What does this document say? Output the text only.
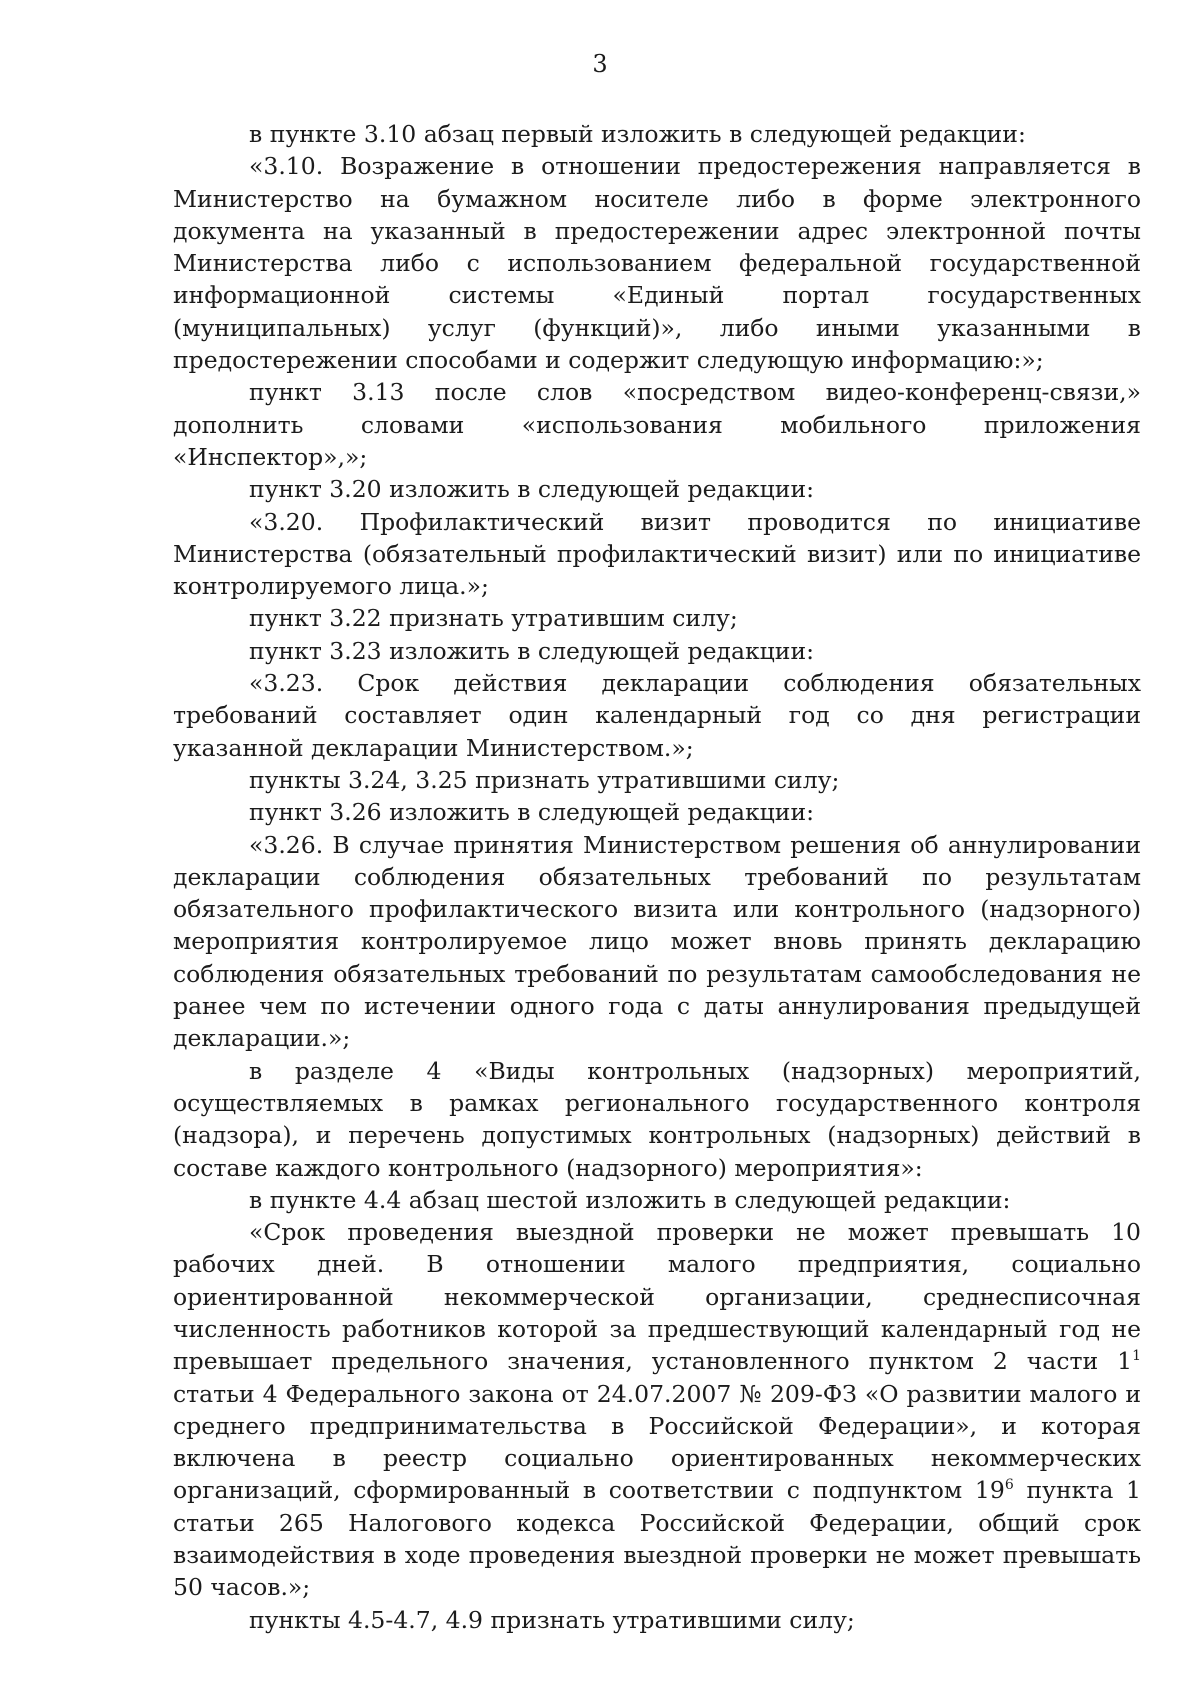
3

в пункте 3.10 абзац первый изложить в следующей редакции:

«3.10. Возражение в отношении предостережения направляется в Министерство на бумажном носителе либо в форме электронного документа на указанный в предостережении адрес электронной почты Министерства либо с использованием федеральной государственной информационной системы «Единый портал государственных (муниципальных) услуг (функций)», либо иными указанными в предостережении способами и содержит следующую информацию:»;

пункт 3.13 после слов «посредством видео-конференц-связи,» дополнить словами «использования мобильного приложения «Инспектор»,»;

пункт 3.20 изложить в следующей редакции:

«3.20. Профилактический визит проводится по инициативе Министерства (обязательный профилактический визит) или по инициативе контролируемого лица.»;

пункт 3.22 признать утратившим силу;

пункт 3.23 изложить в следующей редакции:

«3.23. Срок действия декларации соблюдения обязательных требований составляет один календарный год со дня регистрации указанной декларации Министерством.»;

пункты 3.24, 3.25 признать утратившими силу;

пункт 3.26 изложить в следующей редакции:

«3.26. В случае принятия Министерством решения об аннулировании декларации соблюдения обязательных требований по результатам обязательного профилактического визита или контрольного (надзорного) мероприятия контролируемое лицо может вновь принять декларацию соблюдения обязательных требований по результатам самообследования не ранее чем по истечении одного года с даты аннулирования предыдущей декларации.»;

в разделе 4 «Виды контрольных (надзорных) мероприятий, осуществляемых в рамках регионального государственного контроля (надзора), и перечень допустимых контрольных (надзорных) действий в составе каждого контрольного (надзорного) мероприятия»:

в пункте 4.4 абзац шестой изложить в следующей редакции:

«Срок проведения выездной проверки не может превышать 10 рабочих дней. В отношении малого предприятия, социально ориентированной некоммерческой организации, среднесписочная численность работников которой за предшествующий календарный год не превышает предельного значения, установленного пунктом 2 части $1^1$ статьи 4 Федерального закона от 24.07.2007 № 209-ФЗ «О развитии малого и среднего предпринимательства в Российской Федерации», и которая включена в реестр социально ориентированных некоммерческих организаций, сформированный в соответствии с подпунктом $19^6$ пункта 1 статьи 265 Налогового кодекса Российской Федерации, общий срок взаимодействия в ходе проведения выездной проверки не может превышать 50 часов.»;

пункты 4.5-4.7, 4.9 признать утратившими силу;
